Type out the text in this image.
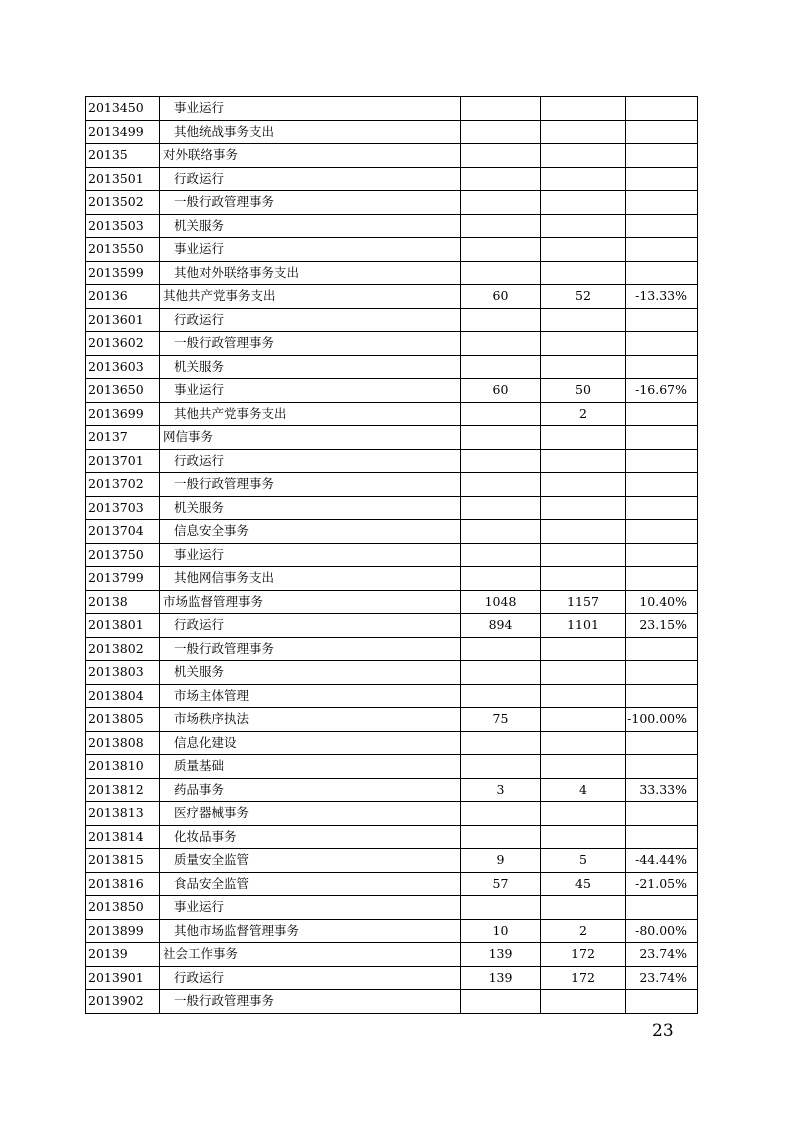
2013450	事业运行			
2013499	其他统战事务支出			
20135	对外联络事务			
2013501	行政运行			
2013502	一般行政管理事务			
2013503	机关服务			
2013550	事业运行			
2013599	其他对外联络事务支出			
20136	其他共产党事务支出	60	52	-13.33%
2013601	行政运行			
2013602	一般行政管理事务			
2013603	机关服务			
2013650	事业运行	60	50	-16.67%
2013699	其他共产党事务支出		2	
20137	网信事务			
2013701	行政运行			
2013702	一般行政管理事务			
2013703	机关服务			
2013704	信息安全事务			
2013750	事业运行			
2013799	其他网信事务支出			
20138	市场监督管理事务	1048	1157	10.40%
2013801	行政运行	894	1101	23.15%
2013802	一般行政管理事务			
2013803	机关服务			
2013804	市场主体管理			
2013805	市场秩序执法	75		-100.00%
2013808	信息化建设			
2013810	质量基础			
2013812	药品事务	3	4	33.33%
2013813	医疗器械事务			
2013814	化妆品事务			
2013815	质量安全监管	9	5	-44.44%
2013816	食品安全监管	57	45	-21.05%
2013850	事业运行			
2013899	其他市场监督管理事务	10	2	-80.00%
20139	社会工作事务	139	172	23.74%
2013901	行政运行	139	172	23.74%
2013902	一般行政管理事务			
23
